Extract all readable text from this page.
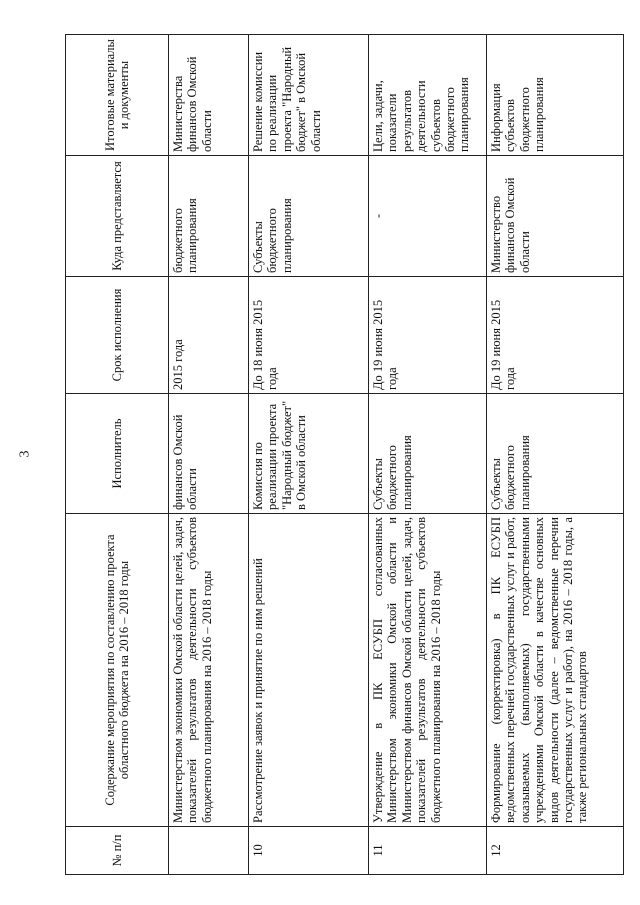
3
№ п/п	Содержание мероприятия по составлению проекта областного бюджета на 2016 – 2018 годы	Исполнитель	Срок исполнения	Куда представляется	Итоговые материалы и документы
	Министерством экономики Омской области целей, задач, показателей результатов деятельности субъектов бюджетного планирования на 2016 – 2018 годы	финансов Омской области	2015 года	бюджетного планирования	Министерства финансов Омской области
10	Рассмотрение заявок и принятие по ним решений	Комиссия по реализации проекта "Народный бюджет" в Омской области	До 18 июня 2015 года	Субъекты бюджетного планирования	Решение комиссии по реализации проекта "Народный бюджет" в Омской области
11	Утверждение в ПК ЕСУБП согласованных Министерством экономики Омской области и Министерством финансов Омской области целей, задач, показателей результатов деятельности субъектов бюджетного планирования на 2016 – 2018 годы	Субъекты бюджетного планирования	До 19 июня 2015 года	-	Цели, задачи, показатели результатов деятельности субъектов бюджетного планирования
12	Формирование (корректировка) в ПК ЕСУБП ведомственных перечней государственных услуг и работ, оказываемых (выполняемых) государственными учреждениями Омской области в качестве основных видов деятельности (далее – ведомственные перечни государственных услуг и работ), на 2016 – 2018 годы, а также региональных стандартов	Субъекты бюджетного планирования	До 19 июня 2015 года	Министерство финансов Омской области	Информация субъектов бюджетного планирования
